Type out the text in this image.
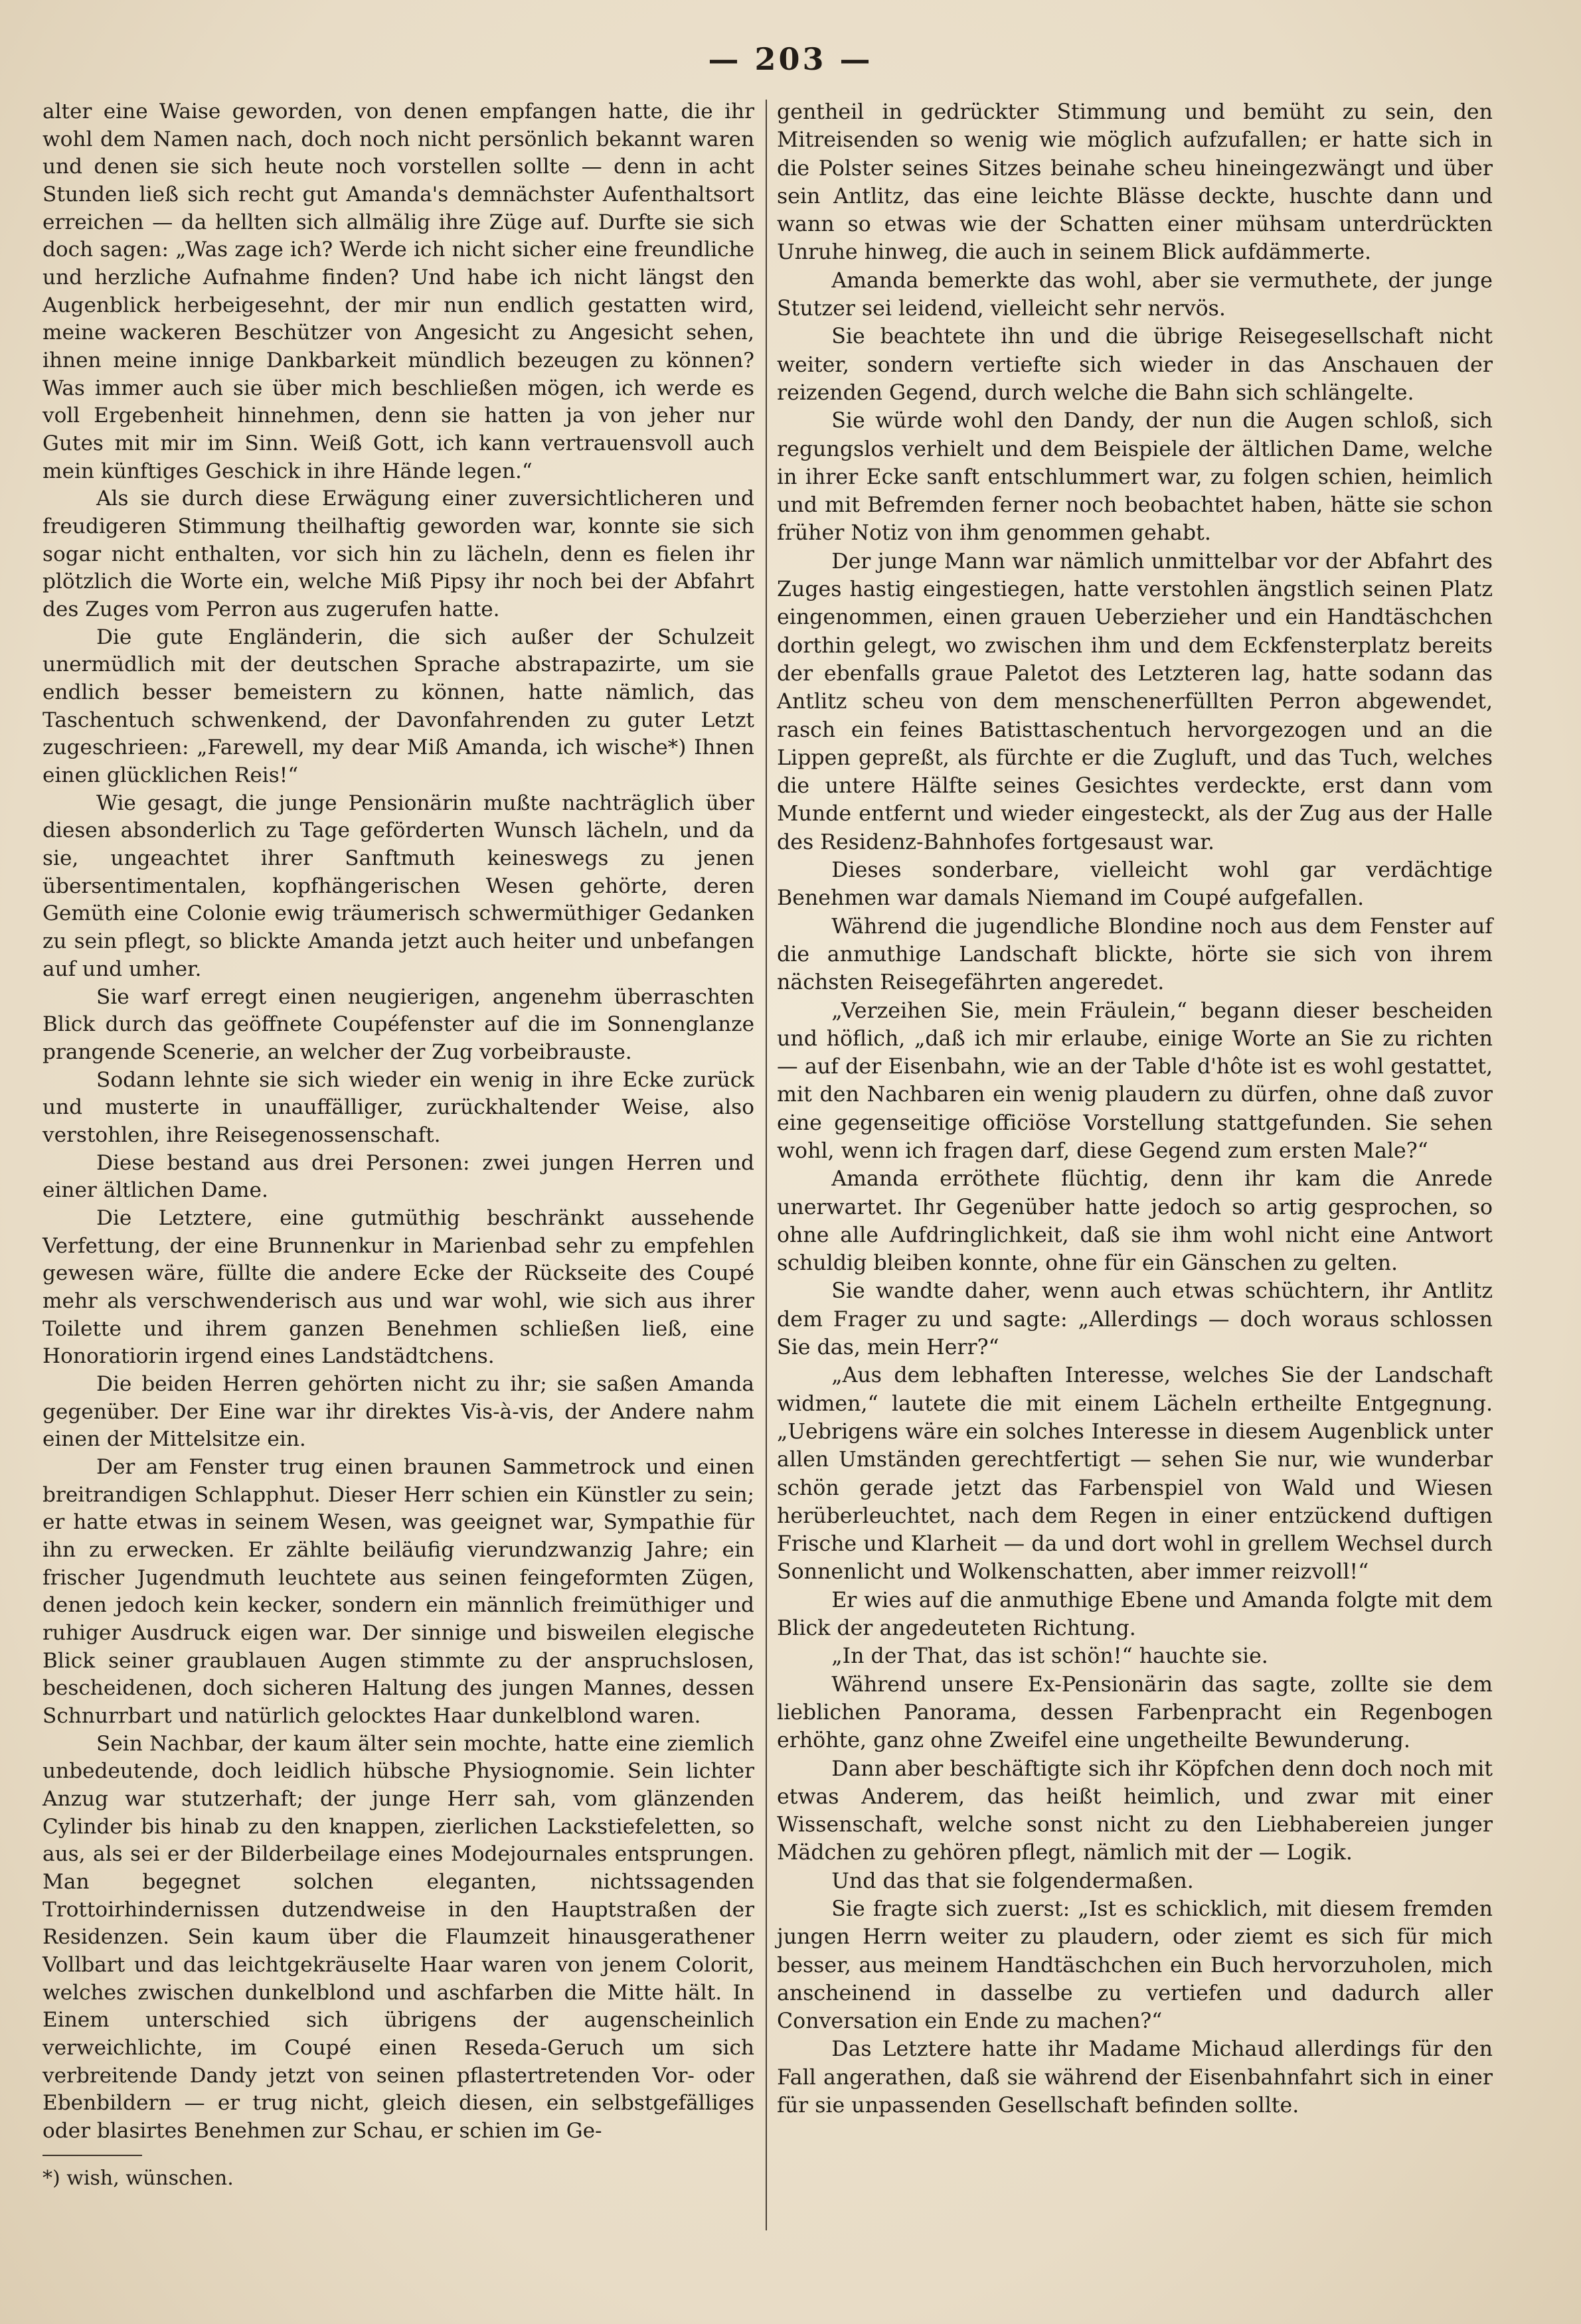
— 203 —

alter eine Waise geworden, von denen empfangen hatte, die ihr wohl dem Namen nach, doch noch nicht persönlich bekannt waren und denen sie sich heute noch vorstellen sollte — denn in acht Stunden ließ sich recht gut Amanda's demnächster Aufenthaltsort erreichen — da hellten sich allmälig ihre Züge auf. Durfte sie sich doch sagen: „Was zage ich? Werde ich nicht sicher eine freundliche und herzliche Aufnahme finden? Und habe ich nicht längst den Augenblick herbeigesehnt, der mir nun endlich gestatten wird, meine wackeren Beschützer von Angesicht zu Angesicht sehen, ihnen meine innige Dankbarkeit mündlich bezeugen zu können? Was immer auch sie über mich beschließen mögen, ich werde es voll Ergebenheit hinnehmen, denn sie hatten ja von jeher nur Gutes mit mir im Sinn. Weiß Gott, ich kann vertrauensvoll auch mein künftiges Geschick in ihre Hände legen.“

Als sie durch diese Erwägung einer zuversichtlicheren und freudigeren Stimmung theilhaftig geworden war, konnte sie sich sogar nicht enthalten, vor sich hin zu lächeln, denn es fielen ihr plötzlich die Worte ein, welche Miß Pipsy ihr noch bei der Abfahrt des Zuges vom Perron aus zugerufen hatte.

Die gute Engländerin, die sich außer der Schulzeit unermüdlich mit der deutschen Sprache abstrapazirte, um sie endlich besser bemeistern zu können, hatte nämlich, das Taschentuch schwenkend, der Davonfahrenden zu guter Letzt zugeschrieen: „Farewell, my dear Miß Amanda, ich wische*) Ihnen einen glücklichen Reis!“

Wie gesagt, die junge Pensionärin mußte nachträglich über diesen absonderlich zu Tage geförderten Wunsch lächeln, und da sie, ungeachtet ihrer Sanftmuth keineswegs zu jenen übersentimentalen, kopfhängerischen Wesen gehörte, deren Gemüth eine Colonie ewig träumerisch schwermüthiger Gedanken zu sein pflegt, so blickte Amanda jetzt auch heiter und unbefangen auf und umher.

Sie warf erregt einen neugierigen, angenehm überraschten Blick durch das geöffnete Coupéfenster auf die im Sonnenglanze prangende Scenerie, an welcher der Zug vorbeibrauste.

Sodann lehnte sie sich wieder ein wenig in ihre Ecke zurück und musterte in unauffälliger, zurückhaltender Weise, also verstohlen, ihre Reisegenossenschaft.

Diese bestand aus drei Personen: zwei jungen Herren und einer ältlichen Dame.

Die Letztere, eine gutmüthig beschränkt aussehende Verfettung, der eine Brunnenkur in Marienbad sehr zu empfehlen gewesen wäre, füllte die andere Ecke der Rückseite des Coupé mehr als verschwenderisch aus und war wohl, wie sich aus ihrer Toilette und ihrem ganzen Benehmen schließen ließ, eine Honoratiorin irgend eines Landstädtchens.

Die beiden Herren gehörten nicht zu ihr; sie saßen Amanda gegenüber. Der Eine war ihr direktes Vis-à-vis, der Andere nahm einen der Mittelsitze ein.

Der am Fenster trug einen braunen Sammetrock und einen breitrandigen Schlapphut. Dieser Herr schien ein Künstler zu sein; er hatte etwas in seinem Wesen, was geeignet war, Sympathie für ihn zu erwecken. Er zählte beiläufig vierundzwanzig Jahre; ein frischer Jugendmuth leuchtete aus seinen feingeformten Zügen, denen jedoch kein kecker, sondern ein männlich freimüthiger und ruhiger Ausdruck eigen war. Der sinnige und bisweilen elegische Blick seiner graublauen Augen stimmte zu der anspruchslosen, bescheidenen, doch sicheren Haltung des jungen Mannes, dessen Schnurrbart und natürlich gelocktes Haar dunkelblond waren.

Sein Nachbar, der kaum älter sein mochte, hatte eine ziemlich unbedeutende, doch leidlich hübsche Physiognomie. Sein lichter Anzug war stutzerhaft; der junge Herr sah, vom glänzenden Cylinder bis hinab zu den knappen, zierlichen Lackstiefeletten, so aus, als sei er der Bilderbeilage eines Modejournales entsprungen. Man begegnet solchen eleganten, nichtssagenden Trottoirhindernissen dutzendweise in den Hauptstraßen der Residenzen. Sein kaum über die Flaumzeit hinausgerathener Vollbart und das leichtgekräuselte Haar waren von jenem Colorit, welches zwischen dunkelblond und aschfarben die Mitte hält. In Einem unterschied sich übrigens der augenscheinlich verweichlichte, im Coupé einen Reseda-Geruch um sich verbreitende Dandy jetzt von seinen pflastertretenden Vor- oder Ebenbildern — er trug nicht, gleich diesen, ein selbstgefälliges oder blasirtes Benehmen zur Schau, er schien im Ge-

gentheil in gedrückter Stimmung und bemüht zu sein, den Mitreisenden so wenig wie möglich aufzufallen; er hatte sich in die Polster seines Sitzes beinahe scheu hineingezwängt und über sein Antlitz, das eine leichte Blässe deckte, huschte dann und wann so etwas wie der Schatten einer mühsam unterdrückten Unruhe hinweg, die auch in seinem Blick aufdämmerte.

Amanda bemerkte das wohl, aber sie vermuthete, der junge Stutzer sei leidend, vielleicht sehr nervös.

Sie beachtete ihn und die übrige Reisegesellschaft nicht weiter, sondern vertiefte sich wieder in das Anschauen der reizenden Gegend, durch welche die Bahn sich schlängelte.

Sie würde wohl den Dandy, der nun die Augen schloß, sich regungslos verhielt und dem Beispiele der ältlichen Dame, welche in ihrer Ecke sanft entschlummert war, zu folgen schien, heimlich und mit Befremden ferner noch beobachtet haben, hätte sie schon früher Notiz von ihm genommen gehabt.

Der junge Mann war nämlich unmittelbar vor der Abfahrt des Zuges hastig eingestiegen, hatte verstohlen ängstlich seinen Platz eingenommen, einen grauen Ueberzieher und ein Handtäschchen dorthin gelegt, wo zwischen ihm und dem Eckfensterplatz bereits der ebenfalls graue Paletot des Letzteren lag, hatte sodann das Antlitz scheu von dem menschenerfüllten Perron abgewendet, rasch ein feines Batisttaschentuch hervorgezogen und an die Lippen gepreßt, als fürchte er die Zugluft, und das Tuch, welches die untere Hälfte seines Gesichtes verdeckte, erst dann vom Munde entfernt und wieder eingesteckt, als der Zug aus der Halle des Residenz-Bahnhofes fortgesaust war.

Dieses sonderbare, vielleicht wohl gar verdächtige Benehmen war damals Niemand im Coupé aufgefallen.

Während die jugendliche Blondine noch aus dem Fenster auf die anmuthige Landschaft blickte, hörte sie sich von ihrem nächsten Reisegefährten angeredet.

„Verzeihen Sie, mein Fräulein,“ begann dieser bescheiden und höflich, „daß ich mir erlaube, einige Worte an Sie zu richten — auf der Eisenbahn, wie an der Table d'hôte ist es wohl gestattet, mit den Nachbaren ein wenig plaudern zu dürfen, ohne daß zuvor eine gegenseitige officiöse Vorstellung stattgefunden. Sie sehen wohl, wenn ich fragen darf, diese Gegend zum ersten Male?“

Amanda erröthete flüchtig, denn ihr kam die Anrede unerwartet. Ihr Gegenüber hatte jedoch so artig gesprochen, so ohne alle Aufdringlichkeit, daß sie ihm wohl nicht eine Antwort schuldig bleiben konnte, ohne für ein Gänschen zu gelten.

Sie wandte daher, wenn auch etwas schüchtern, ihr Antlitz dem Frager zu und sagte: „Allerdings — doch woraus schlossen Sie das, mein Herr?“

„Aus dem lebhaften Interesse, welches Sie der Landschaft widmen,“ lautete die mit einem Lächeln ertheilte Entgegnung. „Uebrigens wäre ein solches Interesse in diesem Augenblick unter allen Umständen gerechtfertigt — sehen Sie nur, wie wunderbar schön gerade jetzt das Farbenspiel von Wald und Wiesen herüberleuchtet, nach dem Regen in einer entzückend duftigen Frische und Klarheit — da und dort wohl in grellem Wechsel durch Sonnenlicht und Wolkenschatten, aber immer reizvoll!“

Er wies auf die anmuthige Ebene und Amanda folgte mit dem Blick der angedeuteten Richtung.

„In der That, das ist schön!“ hauchte sie.

Während unsere Ex-Pensionärin das sagte, zollte sie dem lieblichen Panorama, dessen Farbenpracht ein Regenbogen erhöhte, ganz ohne Zweifel eine ungetheilte Bewunderung.

Dann aber beschäftigte sich ihr Köpfchen denn doch noch mit etwas Anderem, das heißt heimlich, und zwar mit einer Wissenschaft, welche sonst nicht zu den Liebhabereien junger Mädchen zu gehören pflegt, nämlich mit der — Logik.

Und das that sie folgendermaßen.

Sie fragte sich zuerst: „Ist es schicklich, mit diesem fremden jungen Herrn weiter zu plaudern, oder ziemt es sich für mich besser, aus meinem Handtäschchen ein Buch hervorzuholen, mich anscheinend in dasselbe zu vertiefen und dadurch aller Conversation ein Ende zu machen?“

Das Letztere hatte ihr Madame Michaud allerdings für den Fall angerathen, daß sie während der Eisenbahnfahrt sich in einer für sie unpassenden Gesellschaft befinden sollte.

*) wish, wünschen.
